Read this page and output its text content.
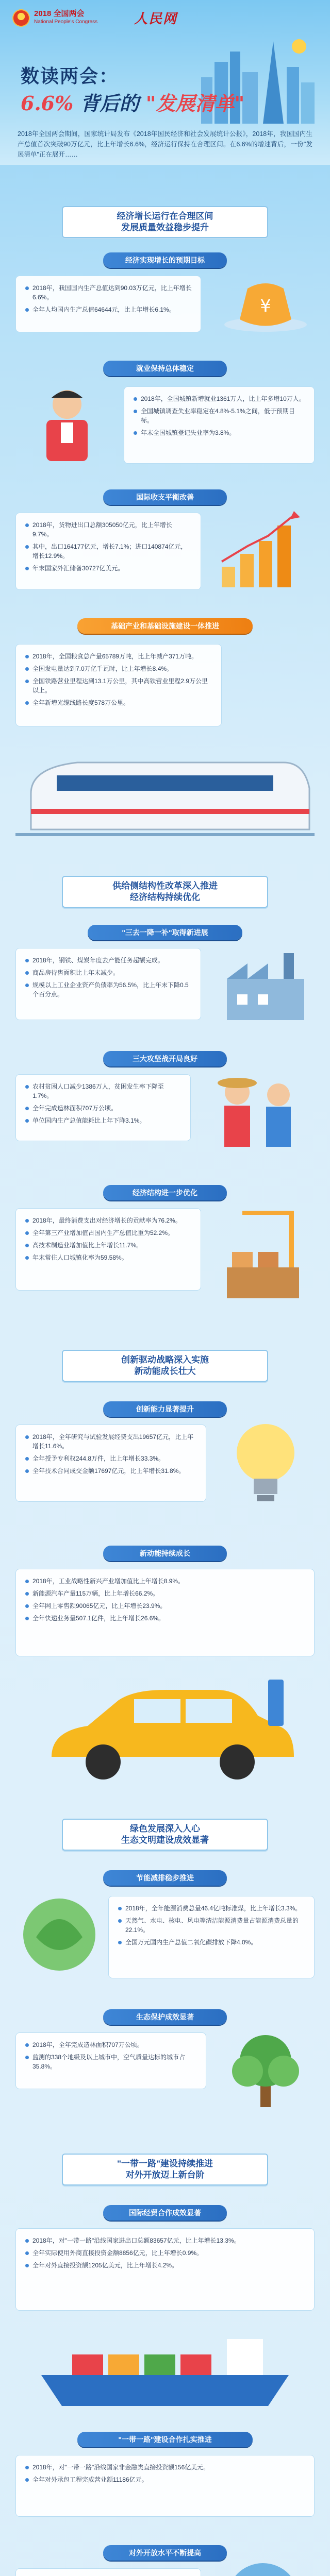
2018 全国两会
National People's Congress	人民网
数读两会：
6.6% 背后的 "发展清单"
2018年全国两会期间，国家统计局发布《2018年国民经济和社会发展统计公报》，2018年，我国国内生产总值首次突破90万亿元，比上年增长6.6%，经济运行保持在合理区间。在6.6%的增速背后，一份"发展清单"正在展开……
经济增长运行在合理区间
发展质量效益稳步提升
经济实现增长的预期目标
2018年，我国国内生产总值达到90.03万亿元，比上年增长6.6%。
全年人均国内生产总值64644元，比上年增长6.1%。	¥
就业保持总体稳定
2018年，全国城镇新增就业1361万人，比上年多增10万人。
全国城镇调查失业率稳定在4.8%-5.1%之间，低于预期目标。
年末全国城镇登记失业率为3.8%。
国际收支平衡改善
2018年，货物进出口总额305050亿元，比上年增长9.7%。
其中，出口164177亿元，增长7.1%；进口140874亿元，增长12.9%。
年末国家外汇储备30727亿美元。
基础产业和基础设施建设一体推进
2018年，全国粮食总产量65789万吨，比上年减产371万吨。
全国发电量达到7.0万亿千瓦时，比上年增长8.4%。
全国铁路营业里程达到13.1万公里，其中高铁营业里程2.9万公里以上。
全年新增光缆线路长度578万公里。
供给侧结构性改革深入推进
经济结构持续优化
"三去一降一补"取得新进展
2018年，钢铁、煤炭年度去产能任务超额完成。
商品房待售面积比上年末减少。
规模以上工业企业资产负债率为56.5%，比上年末下降0.5个百分点。
三大攻坚战开局良好
农村贫困人口减少1386万人，贫困发生率下降至1.7%。
全年完成造林面积707万公顷。
单位国内生产总值能耗比上年下降3.1%。
经济结构进一步优化
2018年，最终消费支出对经济增长的贡献率为76.2%。
全年第三产业增加值占国内生产总值比重为52.2%。
高技术制造业增加值比上年增长11.7%。
年末常住人口城镇化率为59.58%。
创新驱动战略深入实施
新动能成长壮大
创新能力显著提升
2018年，全年研究与试验发展经费支出19657亿元，比上年增长11.6%。
全年授予专利权244.8万件，比上年增长33.3%。
全年技术合同成交金额17697亿元，比上年增长31.8%。
新动能持续成长
2018年，工业战略性新兴产业增加值比上年增长8.9%。
新能源汽车产量115万辆，比上年增长66.2%。
全年网上零售额90065亿元，比上年增长23.9%。
全年快递业务量507.1亿件，比上年增长26.6%。
绿色发展深入人心
生态文明建设成效显著
节能减排稳步推进
2018年，全年能源消费总量46.4亿吨标准煤，比上年增长3.3%。
天然气、水电、核电、风电等清洁能源消费量占能源消费总量的22.1%。
全国万元国内生产总值二氧化碳排放下降4.0%。
生态保护成效显著
2018年，全年完成造林面积707万公顷。
监测的338个地级及以上城市中，空气质量达标的城市占35.8%。
"一带一路"建设持续推进
对外开放迈上新台阶
国际经贸合作成效显著
2018年，对"一带一路"沿线国家进出口总额83657亿元，比上年增长13.3%。
全年实际使用外商直接投资金额8856亿元，比上年增长0.9%。
全年对外直接投资额1205亿美元，比上年增长4.2%。
"一带一路"建设合作扎实推进
2018年，对"一带一路"沿线国家非金融类直接投资额156亿美元。
全年对外承包工程完成营业额11186亿元。
对外开放水平不断提高
